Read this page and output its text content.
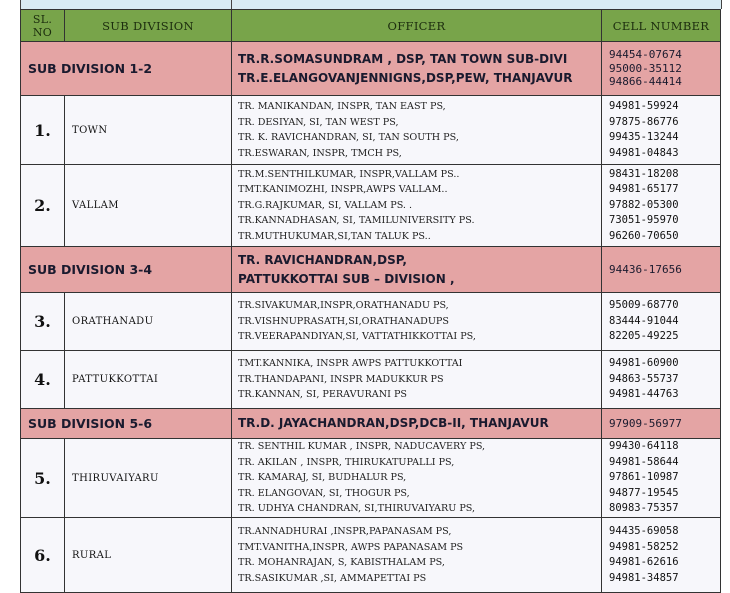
SL.
NO	SUB DIVISION	OFFICER	CELL NUMBER
SUB DIVISION 1-2		TR.R.SOMASUNDRAM , DSP, TAN TOWN SUB-DIVI
TR.E.ELANGOVANJENNIGNS,DSP,PEW, THANJAVUR	94454-07674
95000-35112
94866-44414

1.	TOWN	TR. MANIKANDAN, INSPR, TAN EAST PS,
TR. DESIYAN, SI, TAN WEST PS,
TR. K. RAVICHANDRAN, SI, TAN SOUTH PS,
TR.ESWARAN, INSPR, TMCH PS,	94981-59924
97875-86776
99435-13244
94981-04843

2.	VALLAM	TR.M.SENTHILKUMAR, INSPR,VALLAM PS..
TMT.KANIMOZHI, INSPR,AWPS VALLAM..
TR.G.RAJKUMAR, SI, VALLAM PS. .
TR.KANNADHASAN, SI, TAMILUNIVERSITY PS.
TR.MUTHUKUMAR,SI,TAN TALUK PS..	98431-18208
94981-65177
97882-05300
73051-95970
96260-70650

SUB DIVISION 3-4		TR. RAVICHANDRAN,DSP,
PATTUKKOTTAI SUB – DIVISION ,	94436-17656

3.	ORATHANADU	TR.SIVAKUMAR,INSPR,ORATHANADU PS,
TR.VISHNUPRASATH,SI,ORATHANADUPS
TR.VEERAPANDIYAN,SI, VATTATHIKKOTTAI PS,	95009-68770
83444-91044
82205-49225

4.	PATTUKKOTTAI	TMT.KANNIKA, INSPR AWPS PATTUKKOTTAI
TR.THANDAPANI, INSPR MADUKKUR PS
TR.KANNAN, SI, PERAVURANI PS	94981-60900
94863-55737
94981-44763

SUB DIVISION 5-6		TR.D. JAYACHANDRAN,DSP,DCB-II, THANJAVUR	97909-56977

5.	THIRUVAIYARU	TR. SENTHIL KUMAR , INSPR, NADUCAVERY PS,
TR. AKILAN , INSPR, THIRUKATUPALLI PS,
TR. KAMARAJ, SI, BUDHALUR PS,
TR. ELANGOVAN, SI, THOGUR PS,
TR. UDHYA CHANDRAN, SI,THIRUVAIYARU PS,	99430-64118
94981-58644
97861-10987
94877-19545
80983-75357

6.	RURAL	TR.ANNADHURAI ,INSPR,PAPANASAM PS,
TMT.VANITHA,INSPR, AWPS PAPANASAM PS
TR. MOHANRAJAN, S, KABISTHALAM PS,
TR.SASIKUMAR ,SI, AMMAPETTAI PS	94435-69058
94981-58252
94981-62616
94981-34857
